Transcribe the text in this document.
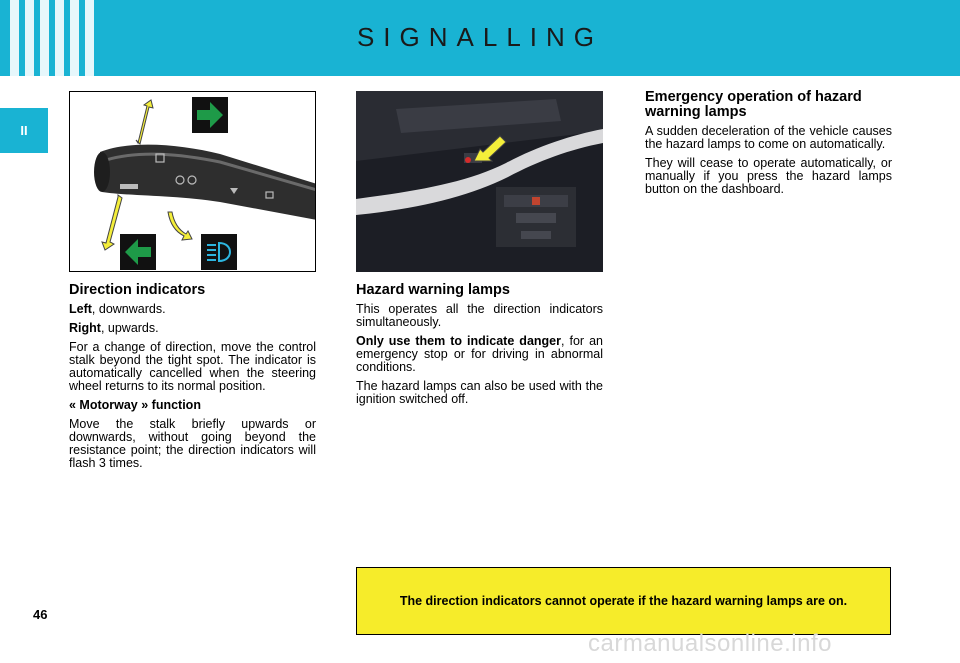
SIGNALLING
II
Direction indicators

Left, downwards.

Right, upwards.

For a change of direction, move the control stalk beyond the tight spot. The indicator is automatically cancelled when the steering wheel returns to its normal position.

« Motorway » function

Move the stalk briefly upwards or downwards, without going beyond the resistance point; the direction indicators will flash 3 times.

Hazard warning lamps

This operates all the direction indicators simultaneously.

Only use them to indicate danger, for an emergency stop or for driving in abnormal conditions.

The hazard lamps can also be used with the ignition switched off.

Emergency operation of hazard warning lamps

A sudden deceleration of the vehicle causes the hazard lamps to come on automatically.

They will cease to operate automatically, or manually if you press the hazard lamps button on the dashboard.

The direction indicators cannot operate if the hazard warning lamps are on.
46
carmanualsonline.info
